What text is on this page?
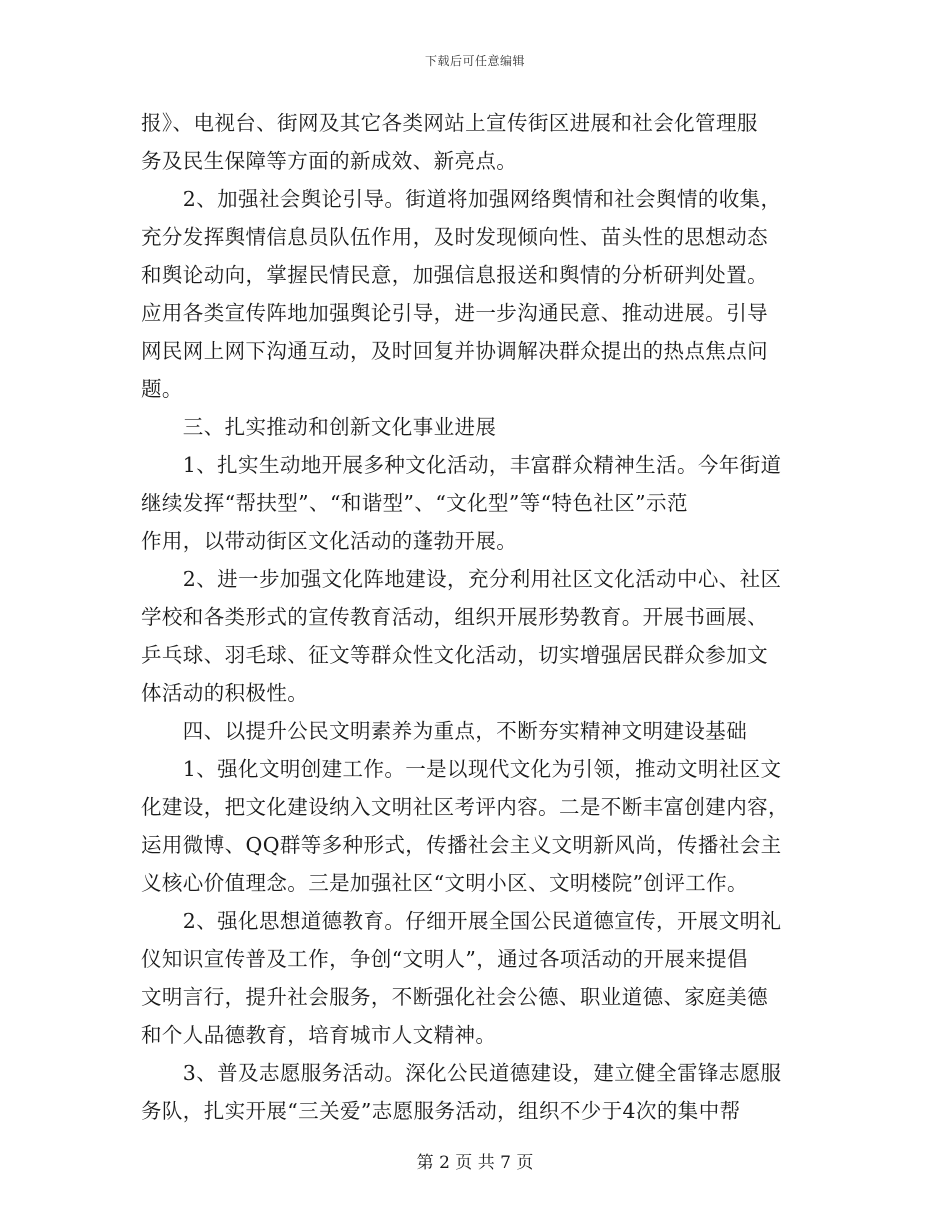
下载后可任意编辑
报》、电视台、街网及其它各类网站上宣传街区进展和社会化管理服
务及民生保障等方面的新成效、新亮点。
　　2、加强社会舆论引导。街道将加强网络舆情和社会舆情的收集，
充分发挥舆情信息员队伍作用，及时发现倾向性、苗头性的思想动态
和舆论动向，掌握民情民意，加强信息报送和舆情的分析研判处置。
应用各类宣传阵地加强舆论引导，进一步沟通民意、推动进展。引导
网民网上网下沟通互动，及时回复并协调解决群众提出的热点焦点问
题。
　　三、扎实推动和创新文化事业进展
　　1、扎实生动地开展多种文化活动，丰富群众精神生活。今年街道
继续发挥“帮扶型”、“和谐型”、“文化型”等“特色社区”示范
作用，以带动街区文化活动的蓬勃开展。
　　2、进一步加强文化阵地建设，充分利用社区文化活动中心、社区
学校和各类形式的宣传教育活动，组织开展形势教育。开展书画展、
乒乓球、羽毛球、征文等群众性文化活动，切实增强居民群众参加文
体活动的积极性。
　　四、以提升公民文明素养为重点，不断夯实精神文明建设基础
　　1、强化文明创建工作。一是以现代文化为引领，推动文明社区文
化建设，把文化建设纳入文明社区考评内容。二是不断丰富创建内容，
运用微博、QQ群等多种形式，传播社会主义文明新风尚，传播社会主
义核心价值理念。三是加强社区“文明小区、文明楼院”创评工作。
　　2、强化思想道德教育。仔细开展全国公民道德宣传，开展文明礼
仪知识宣传普及工作，争创“文明人”，通过各项活动的开展来提倡
文明言行，提升社会服务，不断强化社会公德、职业道德、家庭美德
和个人品德教育，培育城市人文精神。
　　3、普及志愿服务活动。深化公民道德建设，建立健全雷锋志愿服
务队，扎实开展“三关爱”志愿服务活动，组织不少于4次的集中帮
第 2 页 共 7 页
